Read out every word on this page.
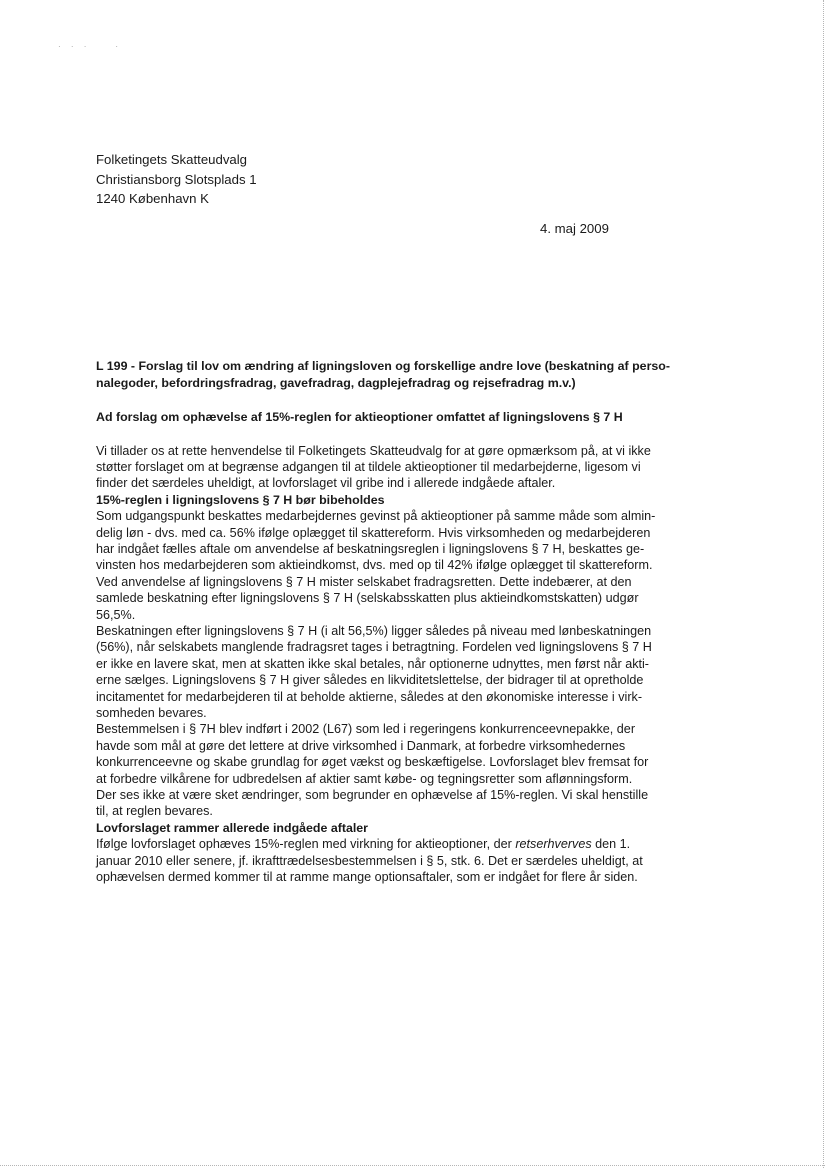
· · ·    ·
Folketingets Skatteudvalg
Christiansborg Slotsplads 1
1240 København K
4. maj 2009
L 199 - Forslag til lov om ændring af ligningsloven og forskellige andre love (beskatning af perso-
nalegoder, befordringsfradrag, gavefradrag, dagplejefradrag og rejsefradrag m.v.)
Ad forslag om ophævelse af 15%-reglen for aktieoptioner omfattet af ligningslovens § 7 H

Vi tillader os at rette henvendelse til Folketingets Skatteudvalg for at gøre opmærksom på, at vi ikke
støtter forslaget om at begrænse adgangen til at tildele aktieoptioner til medarbejderne, ligesom vi
finder det særdeles uheldigt, at lovforslaget vil gribe ind i allerede indgåede aftaler.

15%-reglen i ligningslovens § 7 H bør bibeholdes

Som udgangspunkt beskattes medarbejdernes gevinst på aktieoptioner på samme måde som almin-
delig løn - dvs. med ca. 56% ifølge oplægget til skattereform. Hvis virksomheden og medarbejderen
har indgået fælles aftale om anvendelse af beskatningsreglen i ligningslovens § 7 H, beskattes ge-
vinsten hos medarbejderen som aktieindkomst, dvs. med op til 42% ifølge oplægget til skattereform.

Ved anvendelse af ligningslovens § 7 H mister selskabet fradragsretten. Dette indebærer, at den
samlede beskatning efter ligningslovens § 7 H (selskabsskatten plus aktieindkomstskatten) udgør
56,5%.

Beskatningen efter ligningslovens § 7 H (i alt 56,5%) ligger således på niveau med lønbeskatningen
(56%), når selskabets manglende fradragsret tages i betragtning. Fordelen ved ligningslovens § 7 H
er ikke en lavere skat, men at skatten ikke skal betales, når optionerne udnyttes, men først når akti-
erne sælges. Ligningslovens § 7 H giver således en likviditetslettelse, der bidrager til at opretholde
incitamentet for medarbejderen til at beholde aktierne, således at den økonomiske interesse i virk-
somheden bevares.

Bestemmelsen i § 7H blev indført i 2002 (L67) som led i regeringens konkurrenceevnepakke, der
havde som mål at gøre det lettere at drive virksomhed i Danmark, at forbedre virksomhedernes
konkurrenceevne og skabe grundlag for øget vækst og beskæftigelse. Lovforslaget blev fremsat for
at forbedre vilkårene for udbredelsen af aktier samt købe- og tegningsretter som aflønningsform.

Der ses ikke at være sket ændringer, som begrunder en ophævelse af 15%-reglen. Vi skal henstille
til, at reglen bevares.

Lovforslaget rammer allerede indgåede aftaler

Ifølge lovforslaget ophæves 15%-reglen med virkning for aktieoptioner, der retserhverves den 1.
januar 2010 eller senere, jf. ikrafttrædelsesbestemmelsen i § 5, stk. 6. Det er særdeles uheldigt, at
ophævelsen dermed kommer til at ramme mange optionsaftaler, som er indgået for flere år siden.
